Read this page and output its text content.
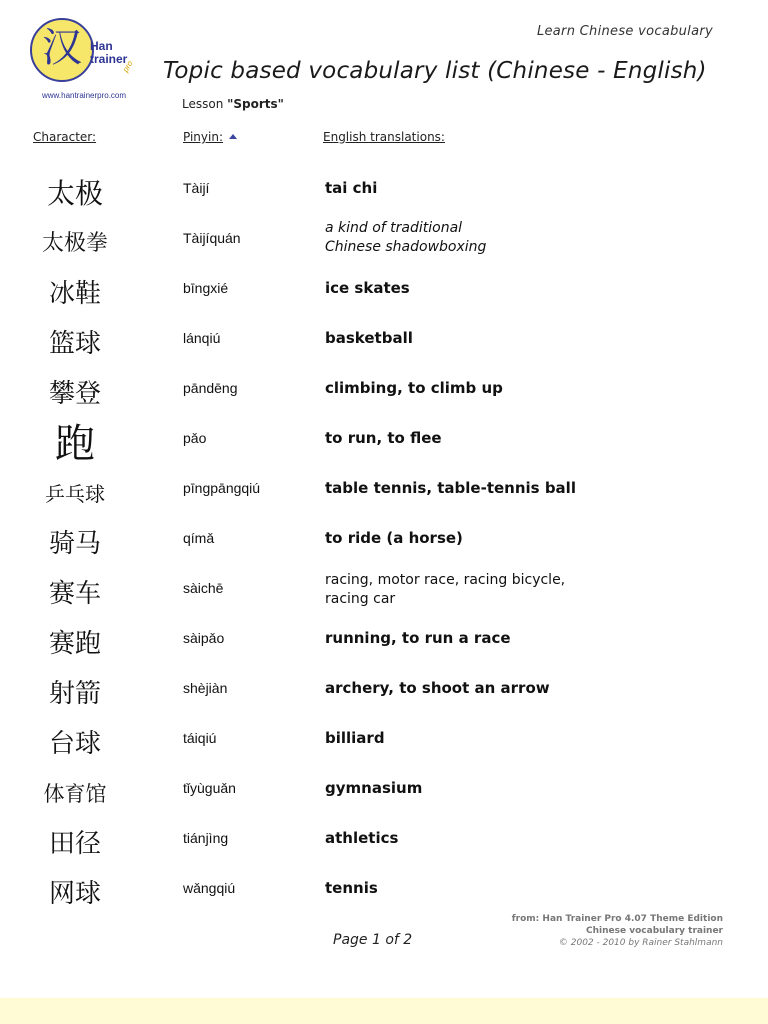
汉 Han
trainer
pro
www.hantrainerpro.com
Learn Chinese vocabulary
Topic based vocabulary list (Chinese - English)
Lesson "Sports"
Character:	Pinyin:	English translations:
太极	Tàijí	tai chi
太极拳	Tàijíquán
a kind of traditional
Chinese shadowboxing
冰鞋	bīngxié	ice skates
篮球	lánqiú	basketball
攀登	pāndēng	climbing, to climb up
跑	pǎo	to run, to flee
乒乓球	pīngpāngqiú	table tennis, table-tennis ball
骑马	qímǎ	to ride (a horse)
赛车	sàichē	racing, motor race, racing bicycle,
racing car
赛跑	sàipǎo	running, to run a race
射箭	shèjiàn	archery, to shoot an arrow
台球	táiqiú	billiard
体育馆	tǐyùguǎn	gymnasium
田径	tiánjìng	athletics
网球	wǎngqiú	tennis
Page 1 of 2
from: Han Trainer Pro 4.07 Theme Edition
Chinese vocabulary trainer
© 2002 - 2010 by Rainer Stahlmann
